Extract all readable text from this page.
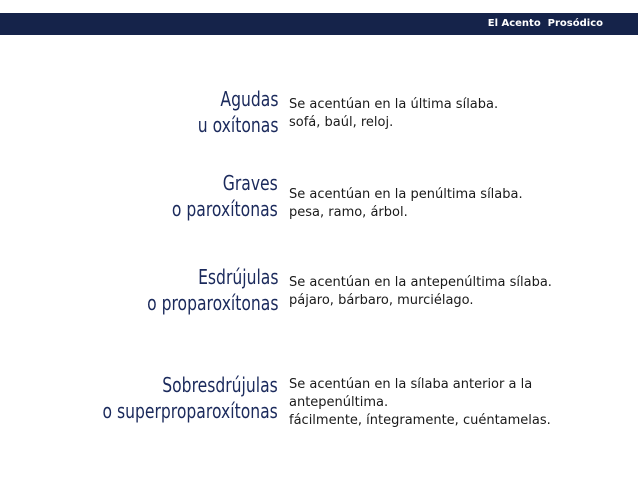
El Acento  Prosódico
Agudas
u oxítonas
Se acentúan en la última sílaba.
sofá, baúl, reloj.
Graves
o paroxítonas
Se acentúan en la penúltima sílaba.
pesa, ramo, árbol.
Esdrújulas
o proparoxítonas
Se acentúan en la antepenúltima sílaba.
pájaro, bárbaro, murciélago.
Sobresdrújulas
o superproparoxítonas
Se acentúan en la sílaba anterior a la
antepenúltima.
fácilmente, íntegramente, cuéntamelas.
